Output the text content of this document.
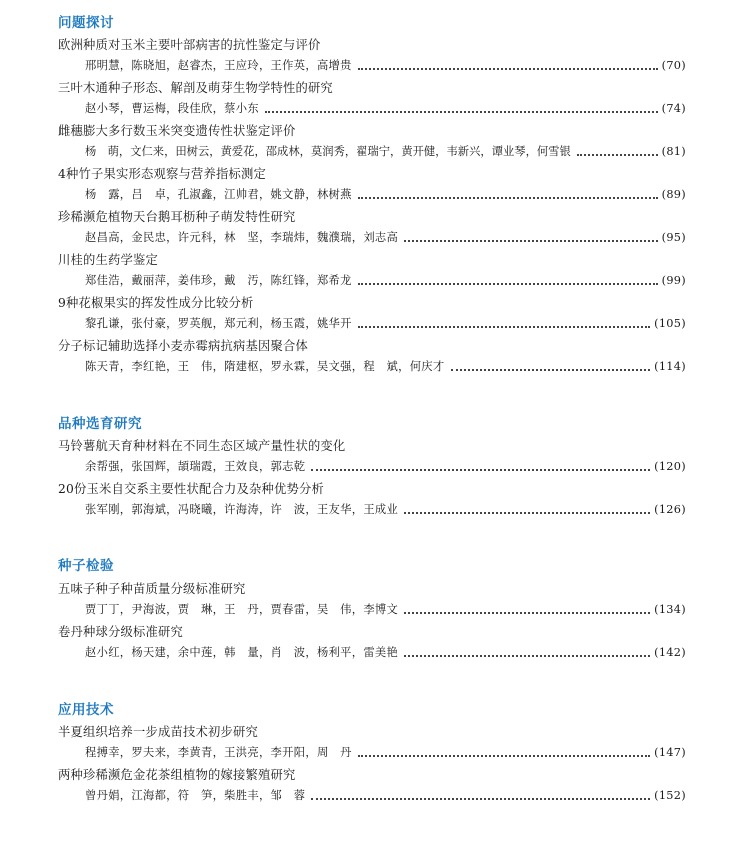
问题探讨
欧洲种质对玉米主要叶部病害的抗性鉴定与评价
邢明慧，陈晓旭，赵睿杰，王应玲，王作英，高增贵	(70)
三叶木通种子形态、解剖及萌芽生物学特性的研究
赵小琴，曹运梅，段佳欣，蔡小东	(74)
雌穗膨大多行数玉米突变遗传性状鉴定评价
杨　萌，文仁来，田树云，黄爱花，邵成林，莫润秀，翟瑞宁，黄开健，韦新兴，谭业琴，何雪银	(81)
4种竹子果实形态观察与营养指标测定
杨　露，吕　卓，孔淑鑫，江帅君，姚文静，林树燕	(89)
珍稀濒危植物天台鹅耳枥种子萌发特性研究
赵昌高，金民忠，许元科，林　坚，李瑞炜，魏濮瑞，刘志高	(95)
川桂的生药学鉴定
郑佳浩，戴丽萍，姜伟珍，戴　汚，陈红锋，郑希龙	(99)
9种花椒果实的挥发性成分比较分析
黎孔谦，张付豪，罗英舰，郑元利，杨玉霞，姚华开	(105)
分子标记辅助选择小麦赤霉病抗病基因聚合体
陈天青，李红艳，王　伟，隋建枢，罗永霖，吴文强，程　斌，何庆才	(114)
品种选育研究
马铃薯航天育种材料在不同生态区域产量性状的变化
余帮强，张国辉，頡瑞霞，王效良，郭志乾	(120)
20份玉米自交系主要性状配合力及杂种优势分析
张军刚，郭海斌，冯晓曦，许海涛，许　波，王友华，王成业	(126)
种子检验
五味子种子种苗质量分级标准研究
贾丁丁，尹海波，贾　琳，王　丹，贾春雷，吴　伟，李博文	(134)
卷丹种球分级标准研究
赵小红，杨天建，余中莲，韩　量，肖　波，杨利平，雷美艳	(142)
应用技术
半夏组织培养一步成苗技术初步研究
程搏幸，罗夫来，李黄青，王洪亮，李开阳，周　丹	(147)
两种珍稀濒危金花茶组植物的嫁接繁殖研究
曾丹娟，江海都，符　笋，柴胜丰，邹　蓉	(152)
